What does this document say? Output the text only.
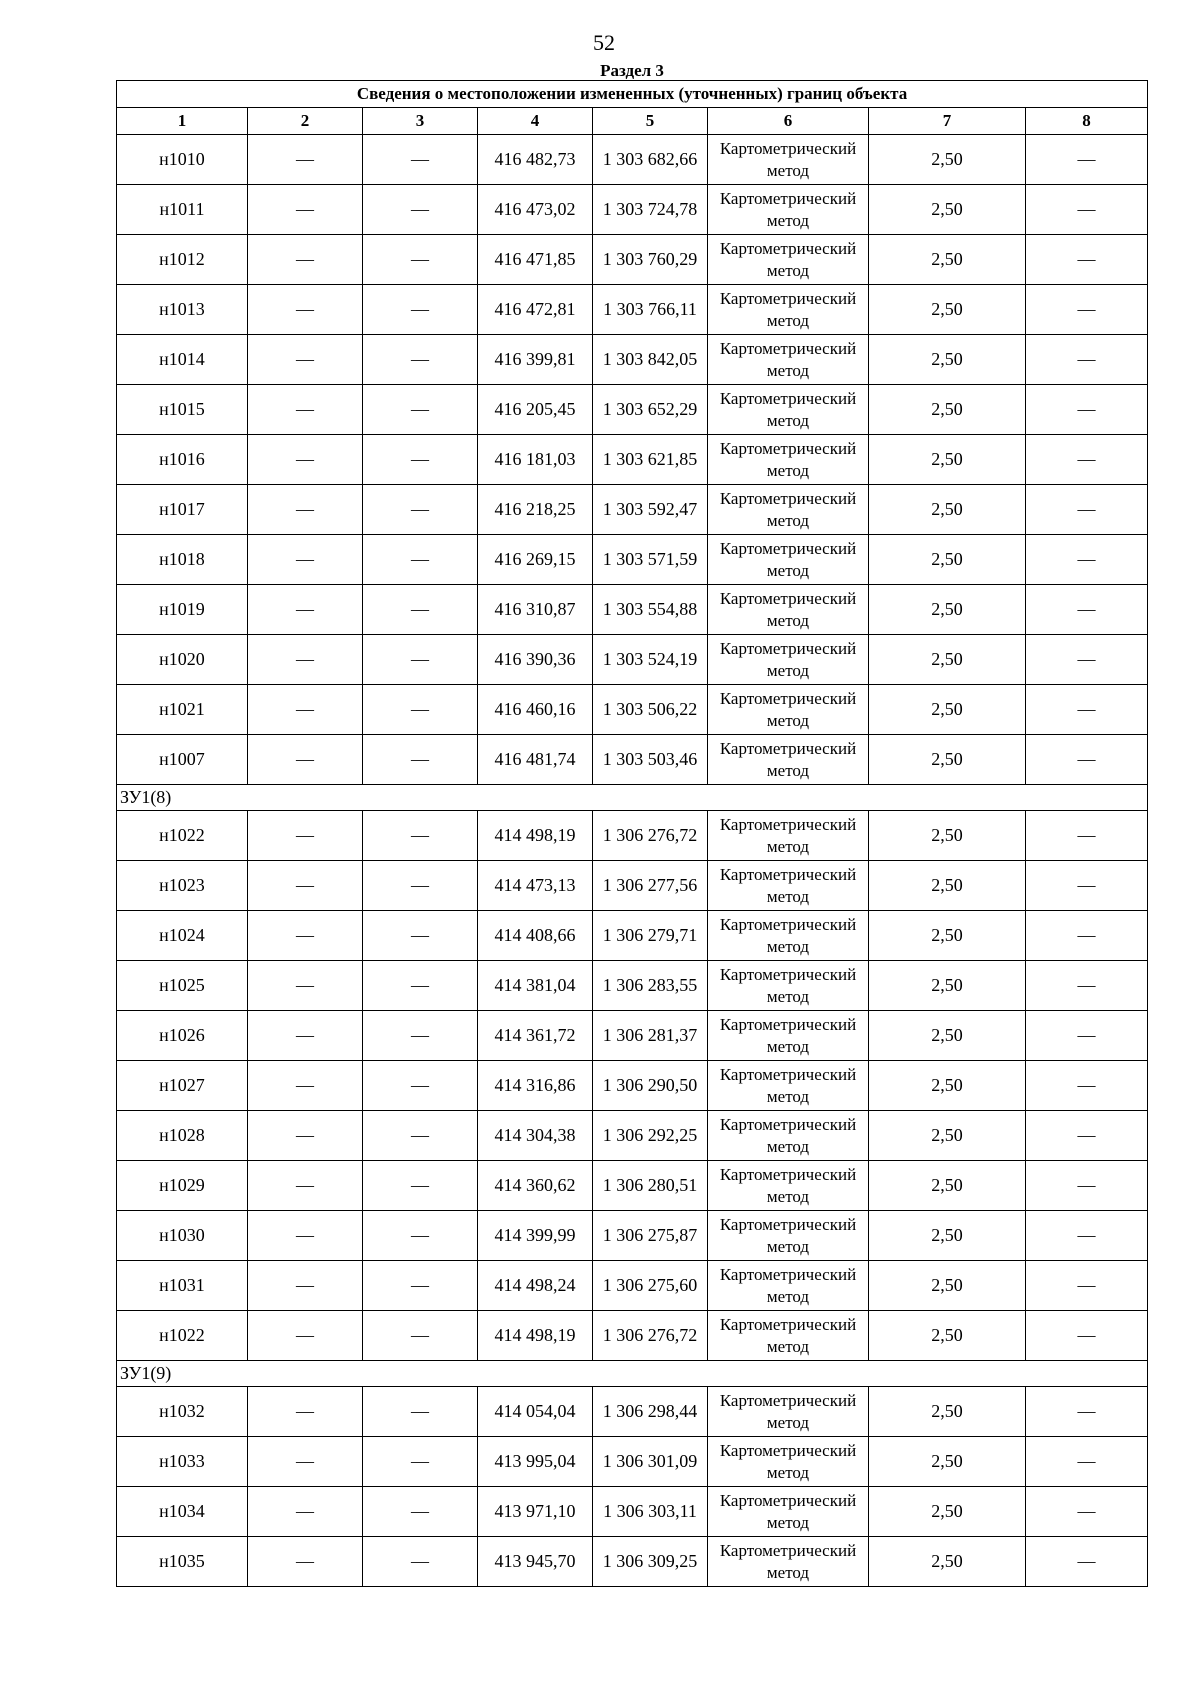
52
Раздел 3
Сведения о местоположении измененных (уточненных) границ объекта							
1	2	3	4	5	6	7	8
н1010	—	—	416 482,73	1 303 682,66	Картометрический метод	2,50	—
н1011	—	—	416 473,02	1 303 724,78	Картометрический метод	2,50	—
н1012	—	—	416 471,85	1 303 760,29	Картометрический метод	2,50	—
н1013	—	—	416 472,81	1 303 766,11	Картометрический метод	2,50	—
н1014	—	—	416 399,81	1 303 842,05	Картометрический метод	2,50	—
н1015	—	—	416 205,45	1 303 652,29	Картометрический метод	2,50	—
н1016	—	—	416 181,03	1 303 621,85	Картометрический метод	2,50	—
н1017	—	—	416 218,25	1 303 592,47	Картометрический метод	2,50	—
н1018	—	—	416 269,15	1 303 571,59	Картометрический метод	2,50	—
н1019	—	—	416 310,87	1 303 554,88	Картометрический метод	2,50	—
н1020	—	—	416 390,36	1 303 524,19	Картометрический метод	2,50	—
н1021	—	—	416 460,16	1 303 506,22	Картометрический метод	2,50	—
н1007	—	—	416 481,74	1 303 503,46	Картометрический метод	2,50	—
ЗУ1(8)							
н1022	—	—	414 498,19	1 306 276,72	Картометрический метод	2,50	—
н1023	—	—	414 473,13	1 306 277,56	Картометрический метод	2,50	—
н1024	—	—	414 408,66	1 306 279,71	Картометрический метод	2,50	—
н1025	—	—	414 381,04	1 306 283,55	Картометрический метод	2,50	—
н1026	—	—	414 361,72	1 306 281,37	Картометрический метод	2,50	—
н1027	—	—	414 316,86	1 306 290,50	Картометрический метод	2,50	—
н1028	—	—	414 304,38	1 306 292,25	Картометрический метод	2,50	—
н1029	—	—	414 360,62	1 306 280,51	Картометрический метод	2,50	—
н1030	—	—	414 399,99	1 306 275,87	Картометрический метод	2,50	—
н1031	—	—	414 498,24	1 306 275,60	Картометрический метод	2,50	—
н1022	—	—	414 498,19	1 306 276,72	Картометрический метод	2,50	—
ЗУ1(9)							
н1032	—	—	414 054,04	1 306 298,44	Картометрический метод	2,50	—
н1033	—	—	413 995,04	1 306 301,09	Картометрический метод	2,50	—
н1034	—	—	413 971,10	1 306 303,11	Картометрический метод	2,50	—
н1035	—	—	413 945,70	1 306 309,25	Картометрический метод	2,50	—
